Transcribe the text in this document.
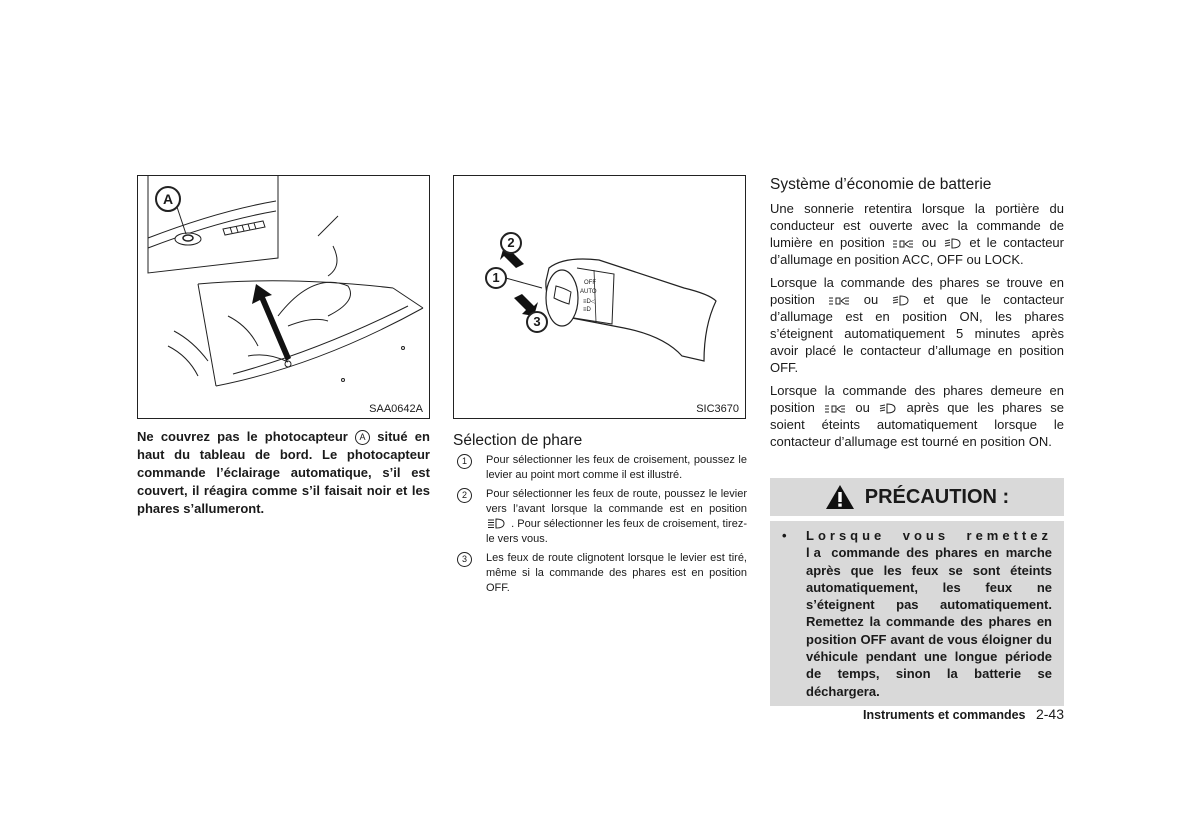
A
SAA0642A
OFF
AUTO
≡D◁
≡D
2
1
3
SIC3670
Ne couvrez pas le photocapteur A situé en haut du tableau de bord. Le photocapteur commande l’éclairage automatique, s’il est couvert, il réagira comme s’il faisait noir et les phares s’allumeront.
Sélection de phare
1	Pour sélectionner les feux de croisement, poussez le levier au point mort comme il est illustré.
2	Pour sélectionner les feux de route, poussez le levier vers l’avant lorsque la commande est en position  . Pour sélectionner les feux de croisement, tirez-le vers vous.
3	Les feux de route clignotent lorsque le levier est tiré, même si la commande des phares est en position OFF.
Système d’économie de batterie

Une sonnerie retentira lorsque la portière du conducteur est ouverte avec la commande de lumière en position	ou	et le contacteur d’allumage en position ACC, OFF ou LOCK.

Lorsque la commande des phares se trouve en position	ou	et que le contacteur d’allumage est en position ON, les phares s’éteignent automatiquement 5 minutes après avoir placé le contacteur d’allumage en position OFF.

Lorsque la commande des phares demeure en position	ou	après que les phares se soient éteints automatiquement lorsque le contacteur d’allumage est tourné en position ON.

PRÉCAUTION :
•	Lorsque vous remettez la commande des phares en marche après que les feux se sont éteints automatiquement, les feux ne s’éteignent pas automatiquement. Remettez la commande des phares en position OFF avant de vous éloigner du véhicule pendant une longue période de temps, sinon la batterie se déchargera.
Instruments et commandes 2-43
